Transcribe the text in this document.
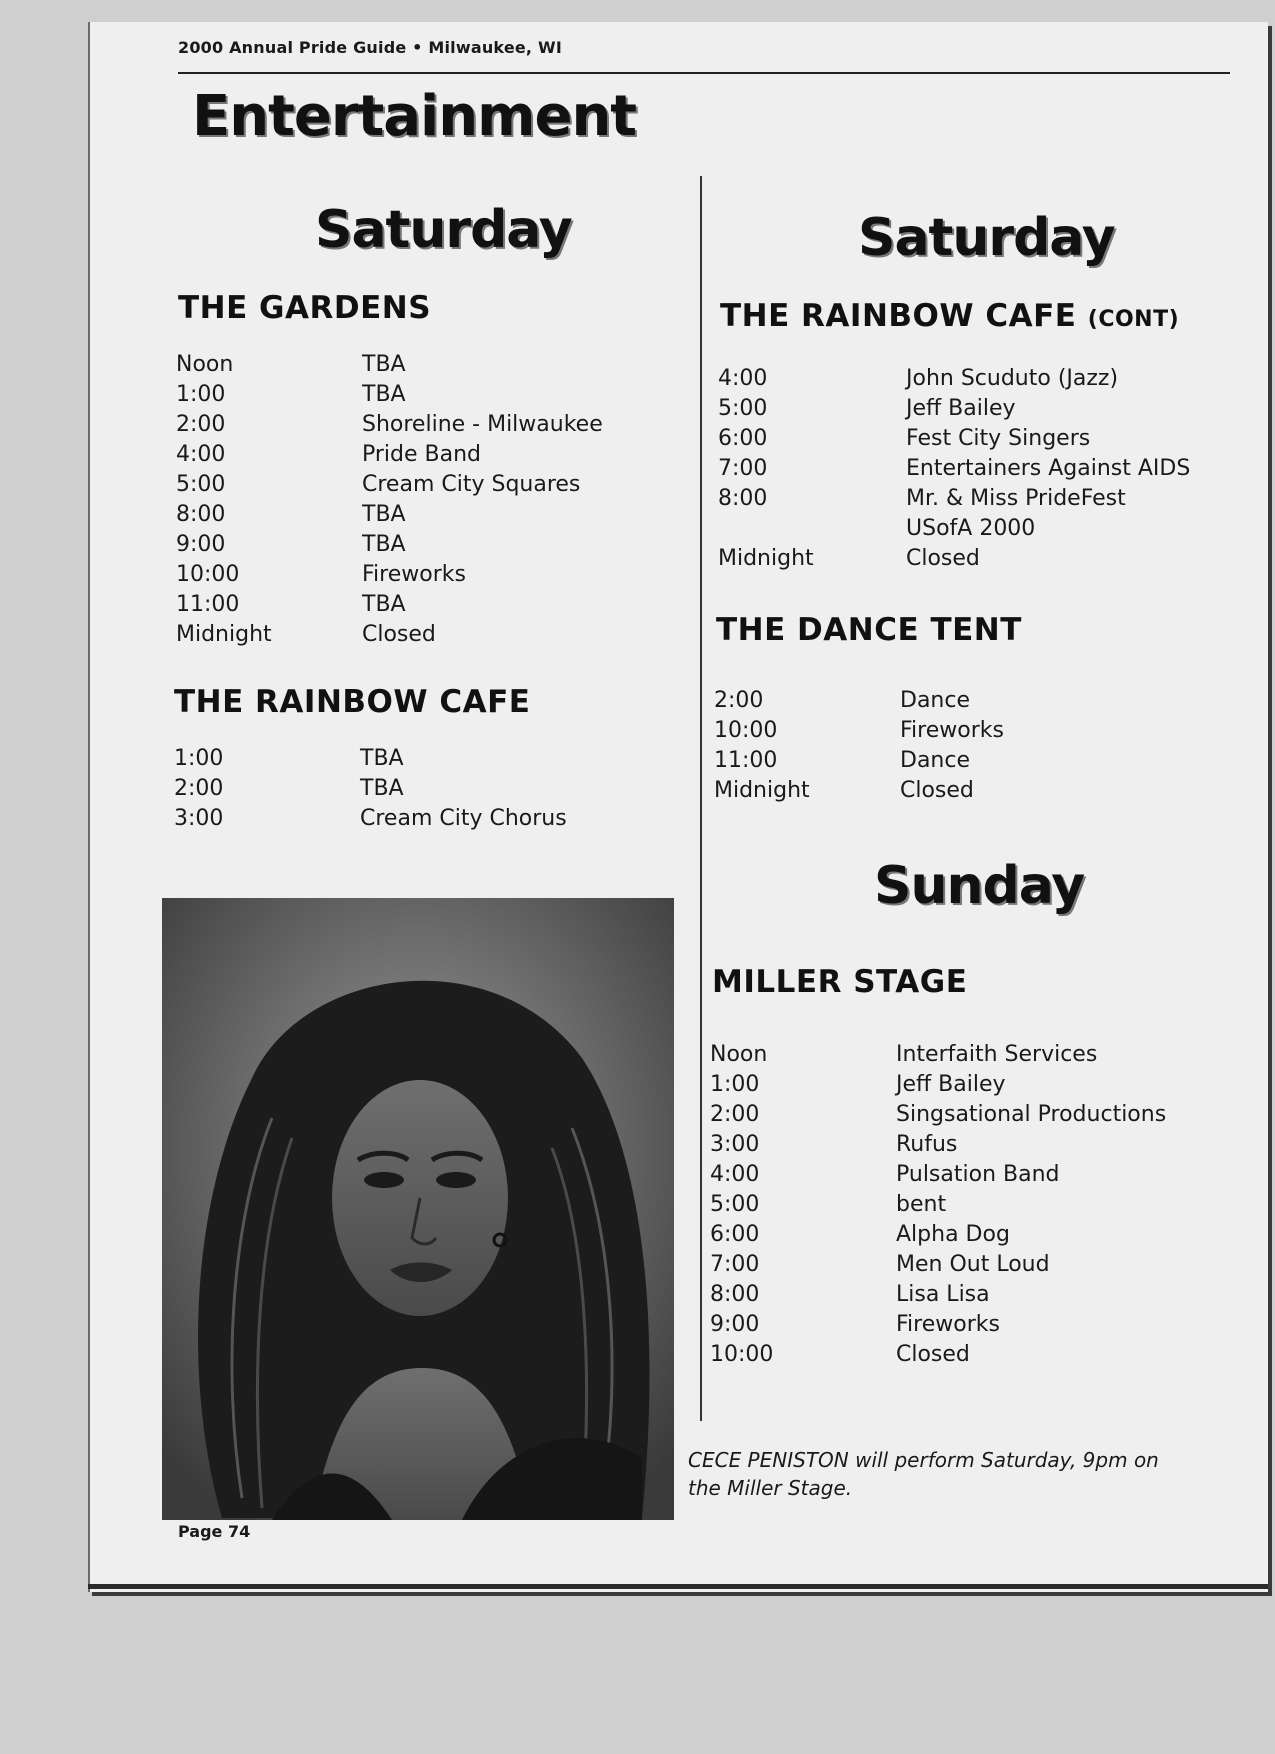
2000 Annual Pride Guide • Milwaukee, WI
Entertainment
Saturday
THE GARDENS
Noon	TBA
1:00	TBA
2:00	Shoreline - Milwaukee
4:00	Pride Band
5:00	Cream City Squares
8:00	TBA
9:00	TBA
10:00	Fireworks
11:00	TBA
Midnight	Closed
THE RAINBOW CAFE
1:00	TBA
2:00	TBA
3:00	Cream City Chorus
Page 74
Saturday
THE RAINBOW CAFE (CONT)
4:00	John Scuduto (Jazz)
5:00	Jeff Bailey
6:00	Fest City Singers
7:00	Entertainers Against AIDS
8:00	Mr. & Miss PrideFest
USofA 2000
Midnight	Closed
THE DANCE TENT
2:00	Dance
10:00	Fireworks
11:00	Dance
Midnight	Closed
Sunday
MILLER STAGE
Noon	Interfaith Services
1:00	Jeff Bailey
2:00	Singsational Productions
3:00	Rufus
4:00	Pulsation Band
5:00	bent
6:00	Alpha Dog
7:00	Men Out Loud
8:00	Lisa Lisa
9:00	Fireworks
10:00	Closed
CECE PENISTON will perform Saturday, 9pm on the Miller Stage.
